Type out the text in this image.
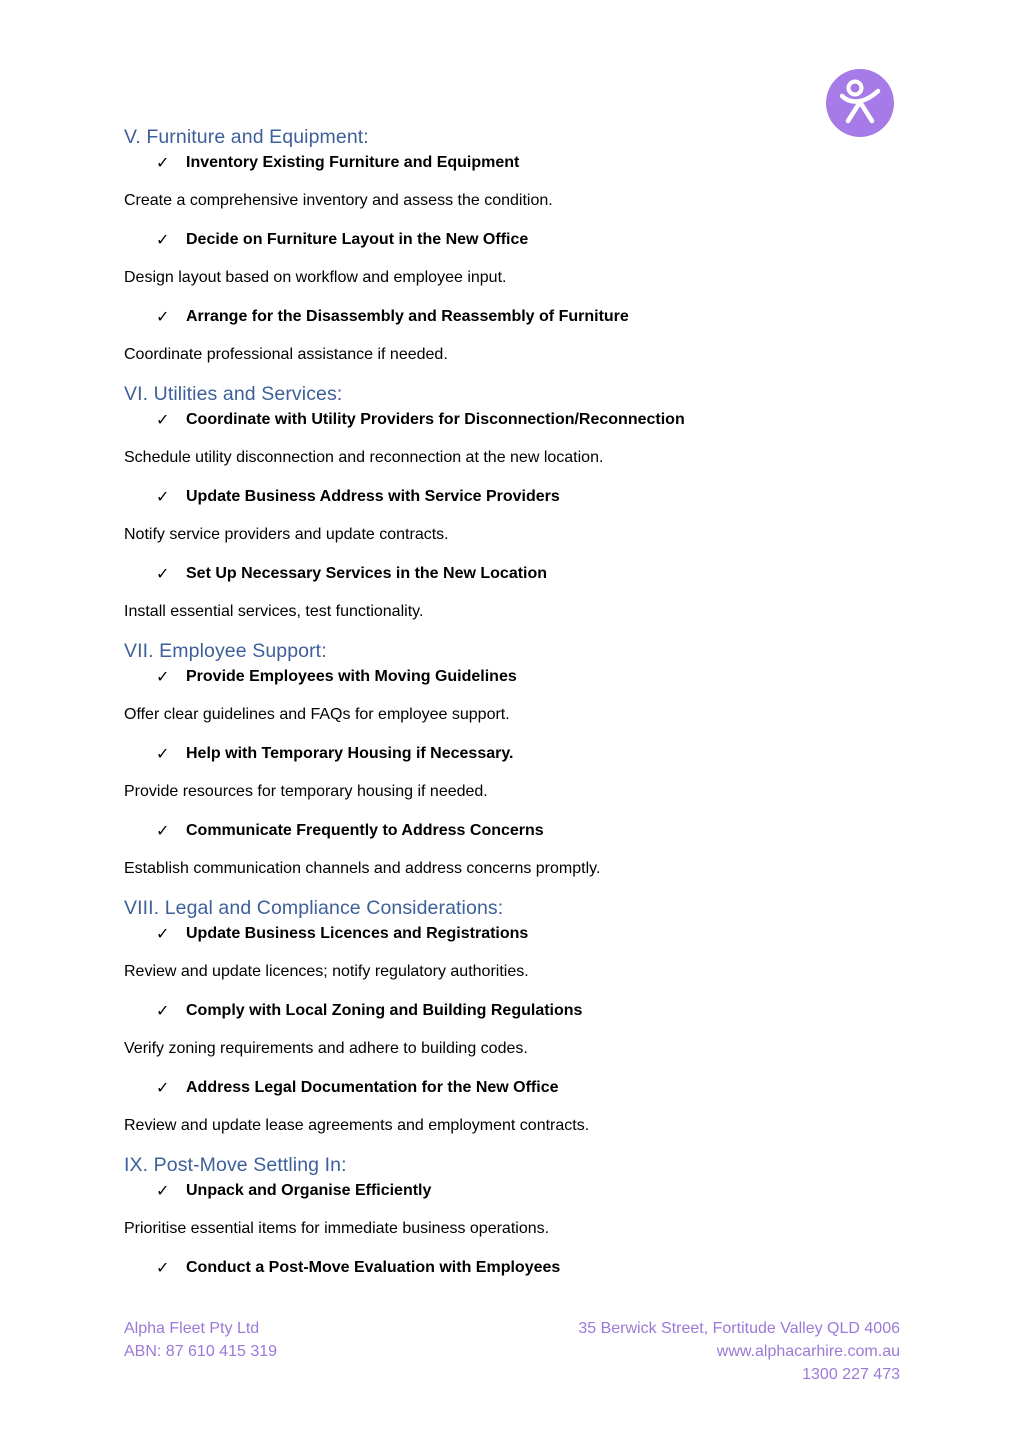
V. Furniture and Equipment:
✓ Inventory Existing Furniture and Equipment
Create a comprehensive inventory and assess the condition.
✓ Decide on Furniture Layout in the New Office
Design layout based on workflow and employee input.
✓ Arrange for the Disassembly and Reassembly of Furniture
Coordinate professional assistance if needed.
VI. Utilities and Services:
✓ Coordinate with Utility Providers for Disconnection/Reconnection
Schedule utility disconnection and reconnection at the new location.
✓ Update Business Address with Service Providers
Notify service providers and update contracts.
✓ Set Up Necessary Services in the New Location
Install essential services, test functionality.
VII. Employee Support:
✓ Provide Employees with Moving Guidelines
Offer clear guidelines and FAQs for employee support.
✓ Help with Temporary Housing if Necessary.
Provide resources for temporary housing if needed.
✓ Communicate Frequently to Address Concerns
Establish communication channels and address concerns promptly.
VIII. Legal and Compliance Considerations:
✓ Update Business Licences and Registrations
Review and update licences; notify regulatory authorities.
✓ Comply with Local Zoning and Building Regulations
Verify zoning requirements and adhere to building codes.
✓ Address Legal Documentation for the New Office
Review and update lease agreements and employment contracts.
IX. Post-Move Settling In:
✓ Unpack and Organise Efficiently
Prioritise essential items for immediate business operations.
✓ Conduct a Post-Move Evaluation with Employees
Alpha Fleet Pty Ltd
ABN: 87 610 415 319
35 Berwick Street, Fortitude Valley QLD 4006
www.alphacarhire.com.au
1300 227 473
